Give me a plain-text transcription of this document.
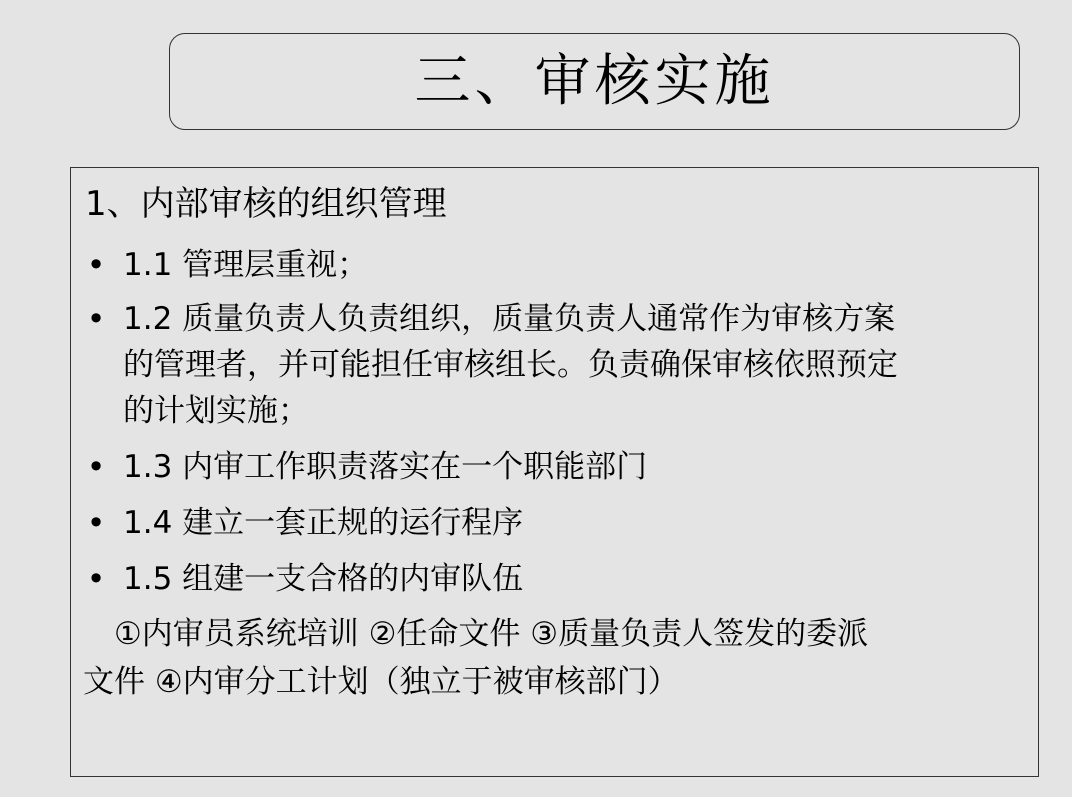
三、审核实施
1、内部审核的组织管理
• 1.1 管理层重视；
• 1.2 质量负责人负责组织，质量负责人通常作为审核方案
的管理者，并可能担任审核组长。负责确保审核依照预定
的计划实施；
• 1.3 内审工作职责落实在一个职能部门
• 1.4 建立一套正规的运行程序
• 1.5 组建一支合格的内审队伍
　①内审员系统培训 ②任命文件 ③质量负责人签发的委派
文件 ④内审分工计划（独立于被审核部门）
